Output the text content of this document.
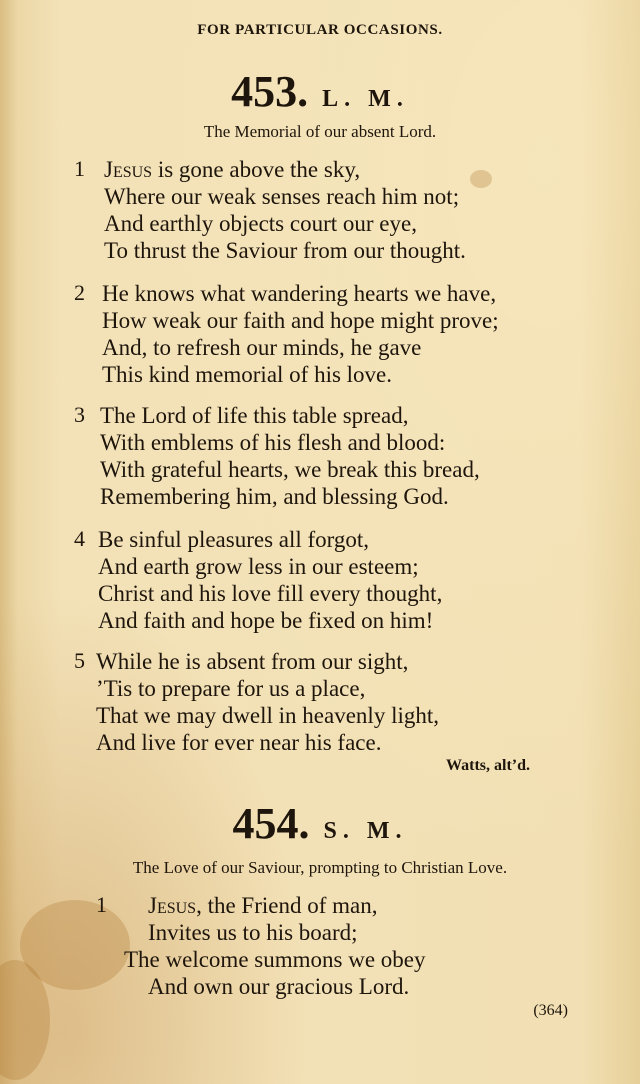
FOR PARTICULAR OCCASIONS.
453. L. M.
The Memorial of our absent Lord.
1 Jesus is gone above the sky,
Where our weak senses reach him not;
And earthly objects court our eye,
To thrust the Saviour from our thought.
2 He knows what wandering hearts we have,
How weak our faith and hope might prove;
And, to refresh our minds, he gave
This kind memorial of his love.
3 The Lord of life this table spread,
With emblems of his flesh and blood:
With grateful hearts, we break this bread,
Remembering him, and blessing God.
4 Be sinful pleasures all forgot,
And earth grow less in our esteem;
Christ and his love fill every thought,
And faith and hope be fixed on him!
5 While he is absent from our sight,
’Tis to prepare for us a place,
That we may dwell in heavenly light,
And live for ever near his face.
Watts, alt’d.
454. S. M.
The Love of our Saviour, prompting to Christian Love.
1 Jesus, the Friend of man,
Invites us to his board;
The welcome summons we obey
And own our gracious Lord.
(364)
